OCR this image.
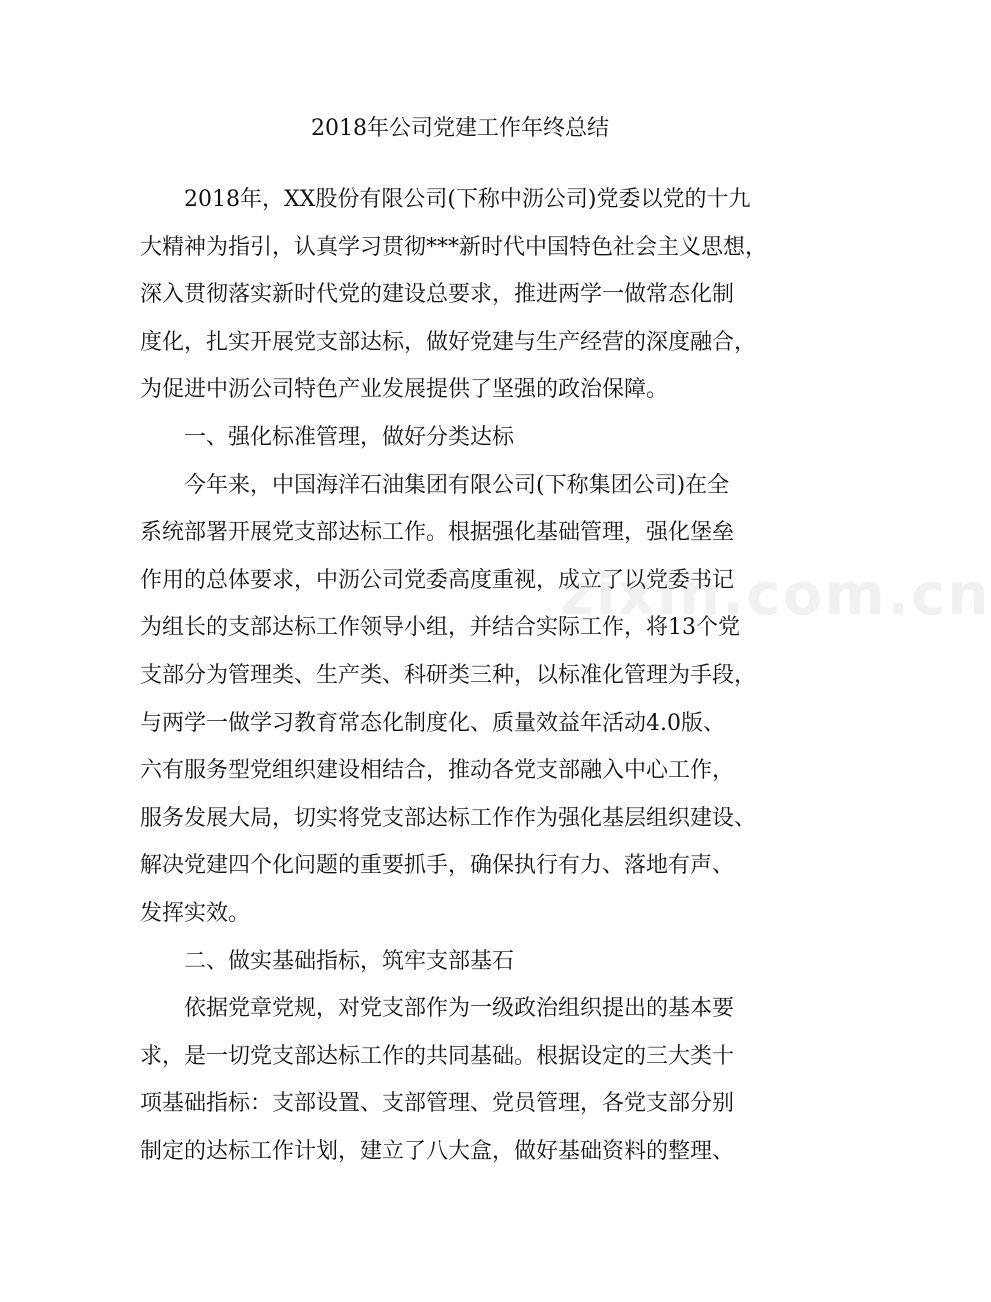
2018年公司党建工作年终总结
　　2018年，XX股份有限公司(下称中沥公司)党委以党的十九
大精神为指引，认真学习贯彻***新时代中国特色社会主义思想，
深入贯彻落实新时代党的建设总要求，推进两学一做常态化制
度化，扎实开展党支部达标，做好党建与生产经营的深度融合，
为促进中沥公司特色产业发展提供了坚强的政治保障。
　　一、强化标准管理，做好分类达标
　　今年来，中国海洋石油集团有限公司(下称集团公司)在全
系统部署开展党支部达标工作。根据强化基础管理，强化堡垒
作用的总体要求，中沥公司党委高度重视，成立了以党委书记
为组长的支部达标工作领导小组，并结合实际工作，将13个党
支部分为管理类、生产类、科研类三种，以标准化管理为手段，
与两学一做学习教育常态化制度化、质量效益年活动4.0版、
六有服务型党组织建设相结合，推动各党支部融入中心工作，
服务发展大局，切实将党支部达标工作作为强化基层组织建设、
解决党建四个化问题的重要抓手，确保执行有力、落地有声、
发挥实效。
　　二、做实基础指标，筑牢支部基石
　　依据党章党规，对党支部作为一级政治组织提出的基本要
求，是一切党支部达标工作的共同基础。根据设定的三大类十
项基础指标：支部设置、支部管理、党员管理，各党支部分别
制定的达标工作计划，建立了八大盒，做好基础资料的整理、
zixin.com.cn
